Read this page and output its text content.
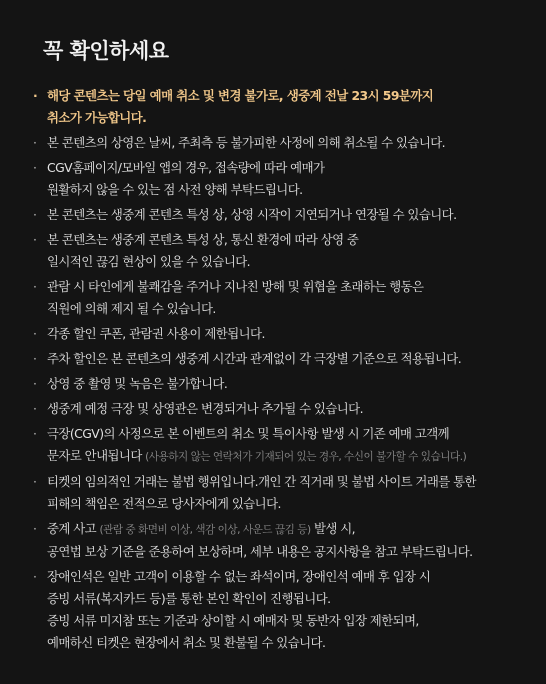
꼭 확인하세요
· 해당 콘텐츠는 당일 예매 취소 및 변경 불가로, 생중계 전날 23시 59분까지
취소가 가능합니다.
· 본 콘텐츠의 상영은 날씨, 주최측 등 불가피한 사정에 의해 취소될 수 있습니다.
· CGV홈페이지/모바일 앱의 경우, 접속량에 따라 예매가
원활하지 않을 수 있는 점 사전 양해 부탁드립니다.
· 본 콘텐츠는 생중계 콘텐츠 특성 상, 상영 시작이 지연되거나 연장될 수 있습니다.
· 본 콘텐츠는 생중계 콘텐츠 특성 상, 통신 환경에 따라 상영 중
일시적인 끊김 현상이 있을 수 있습니다.
· 관람 시 타인에게 불쾌감을 주거나 지나친 방해 및 위협을 초래하는 행동은
직원에 의해 제지 될 수 있습니다.
· 각종 할인 쿠폰, 관람권 사용이 제한됩니다.
· 주차 할인은 본 콘텐츠의 생중계 시간과 관계없이 각 극장별 기준으로 적용됩니다.
· 상영 중 촬영 및 녹음은 불가합니다.
· 생중계 예정 극장 및 상영관은 변경되거나 추가될 수 있습니다.
· 극장(CGV)의 사정으로 본 이벤트의 취소 및 특이사항 발생 시 기존 예매 고객께
문자로 안내됩니다 (사용하지 않는 연락처가 기재되어 있는 경우, 수신이 불가할 수 있습니다.)
· 티켓의 임의적인 거래는 불법 행위입니다.개인 간 직거래 및 불법 사이트 거래를 통한
피해의 책임은 전적으로 당사자에게 있습니다.
· 중계 사고 (관람 중 화면비 이상, 색감 이상, 사운드 끊김 등) 발생 시,
공연법 보상 기준을 준용하여 보상하며, 세부 내용은 공지사항을 참고 부탁드립니다.
· 장애인석은 일반 고객이 이용할 수 없는 좌석이며, 장애인석 예매 후 입장 시
증빙 서류(복지카드 등)를 통한 본인 확인이 진행됩니다.
증빙 서류 미지참 또는 기준과 상이할 시 예매자 및 동반자 입장 제한되며,
예매하신 티켓은 현장에서 취소 및 환불될 수 있습니다.
